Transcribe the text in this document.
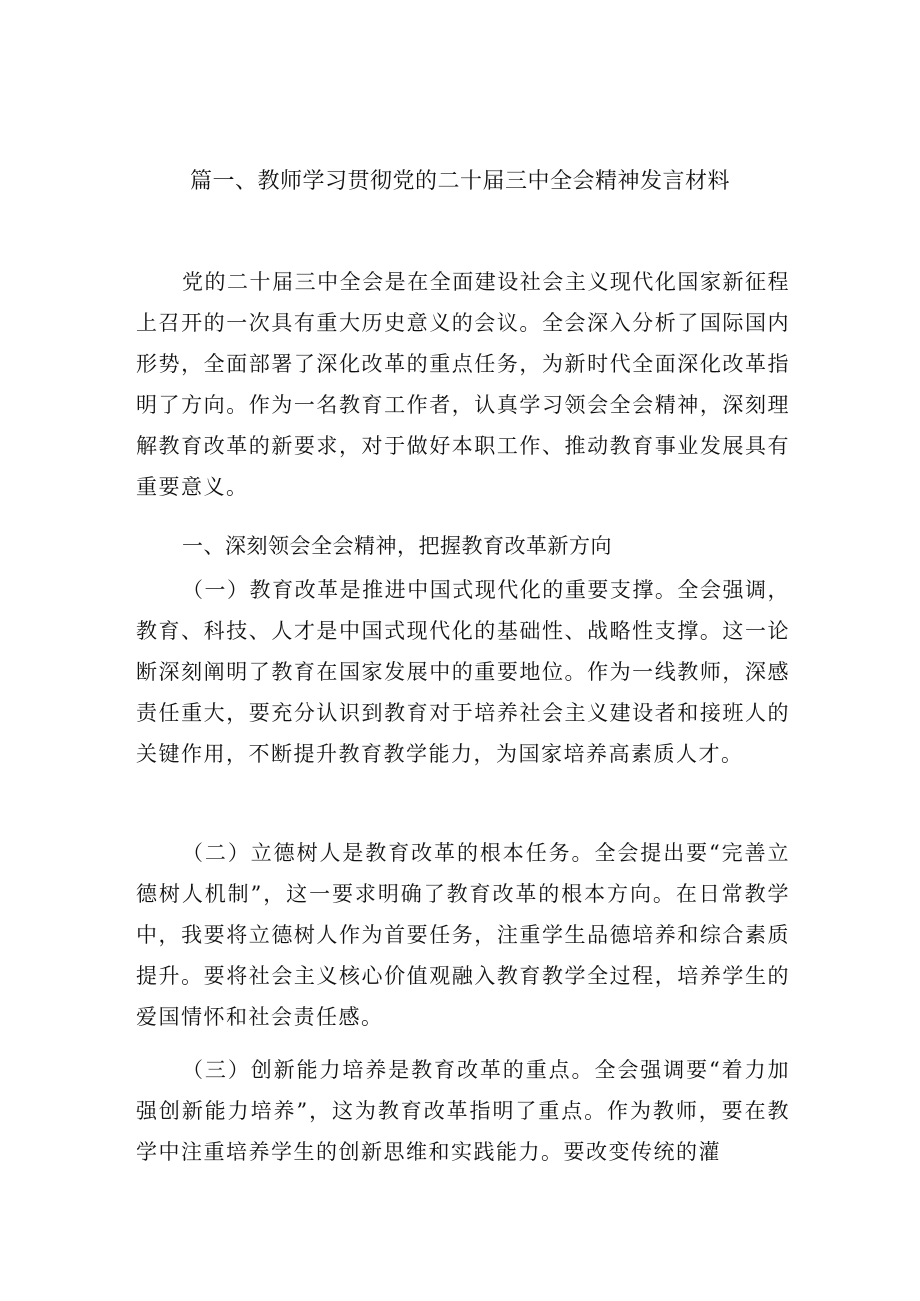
篇一、教师学习贯彻党的二十届三中全会精神发言材料

党的二十届三中全会是在全面建设社会主义现代化国家新征程上召开的一次具有重大历史意义的会议。全会深入分析了国际国内形势，全面部署了深化改革的重点任务，为新时代全面深化改革指明了方向。作为一名教育工作者，认真学习领会全会精神，深刻理解教育改革的新要求，对于做好本职工作、推动教育事业发展具有重要意义。

一、深刻领会全会精神，把握教育改革新方向

（一）教育改革是推进中国式现代化的重要支撑。全会强调，教育、科技、人才是中国式现代化的基础性、战略性支撑。这一论断深刻阐明了教育在国家发展中的重要地位。作为一线教师，深感责任重大，要充分认识到教育对于培养社会主义建设者和接班人的关键作用，不断提升教育教学能力，为国家培养高素质人才。

（二）立德树人是教育改革的根本任务。全会提出要“完善立德树人机制”，这一要求明确了教育改革的根本方向。在日常教学中，我要将立德树人作为首要任务，注重学生品德培养和综合素质提升。要将社会主义核心价值观融入教育教学全过程，培养学生的爱国情怀和社会责任感。

（三）创新能力培养是教育改革的重点。全会强调要“着力加强创新能力培养”，这为教育改革指明了重点。作为教师，要在教学中注重培养学生的创新思维和实践能力。要改变传统的灌
